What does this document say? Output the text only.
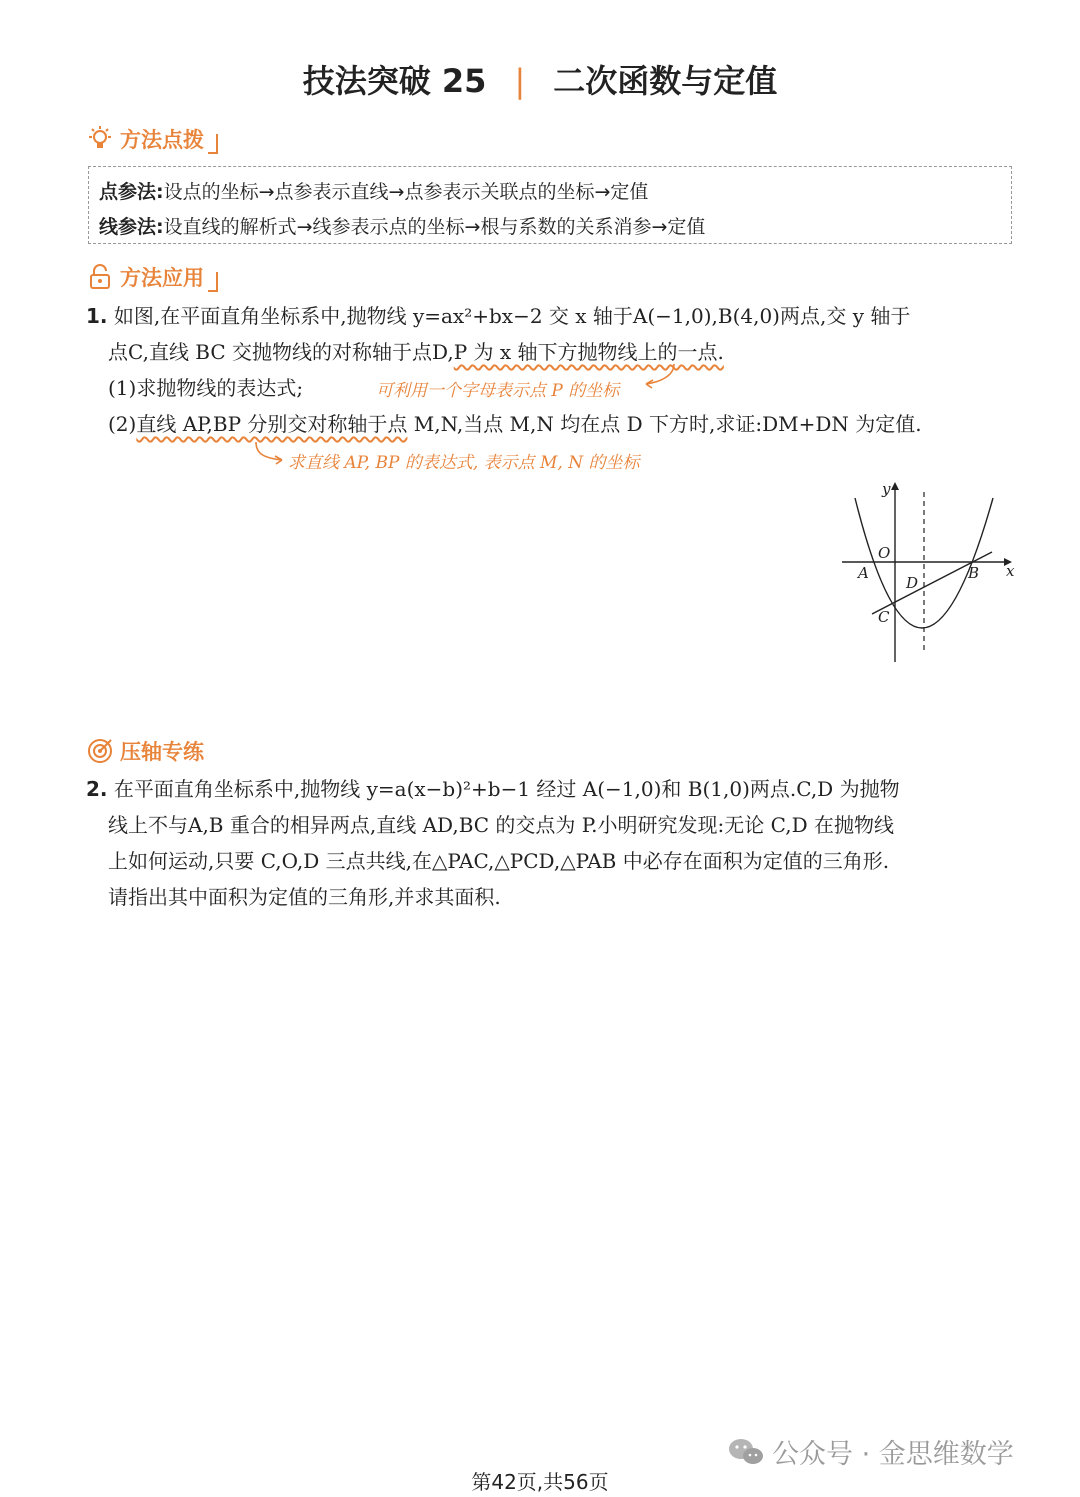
技法突破 25 | 二次函数与定值
方法点拨
点参法:设点的坐标→点参表示直线→点参表示关联点的坐标→定值
线参法:设直线的解析式→线参表示点的坐标→根与系数的关系消参→定值
方法应用
1. 如图,在平面直角坐标系中,抛物线 y=ax²+bx−2 交 x 轴于A(−1,0),B(4,0)两点,交 y 轴于
点C,直线 BC 交抛物线的对称轴于点D,P 为 x 轴下方抛物线上的一点.
(1)求抛物线的表达式;	可利用一个字母表示点 P 的坐标
(2)直线 AP,BP 分别交对称轴于点 M,N,当点 M,N 均在点 D 下方时,求证:DM+DN 为定值.
求直线 AP, BP 的表达式, 表示点 M, N 的坐标
y
x
O
A	B
C
D
压轴专练
2. 在平面直角坐标系中,抛物线 y=a(x−b)²+b−1 经过 A(−1,0)和 B(1,0)两点.C,D 为抛物
线上不与A,B 重合的相异两点,直线 AD,BC 的交点为 P.小明研究发现:无论 C,D 在抛物线
上如何运动,只要 C,O,D 三点共线,在△PAC,△PCD,△PAB 中必存在面积为定值的三角形.
请指出其中面积为定值的三角形,并求其面积.
公众号 · 金思维数学
第42页,共56页
